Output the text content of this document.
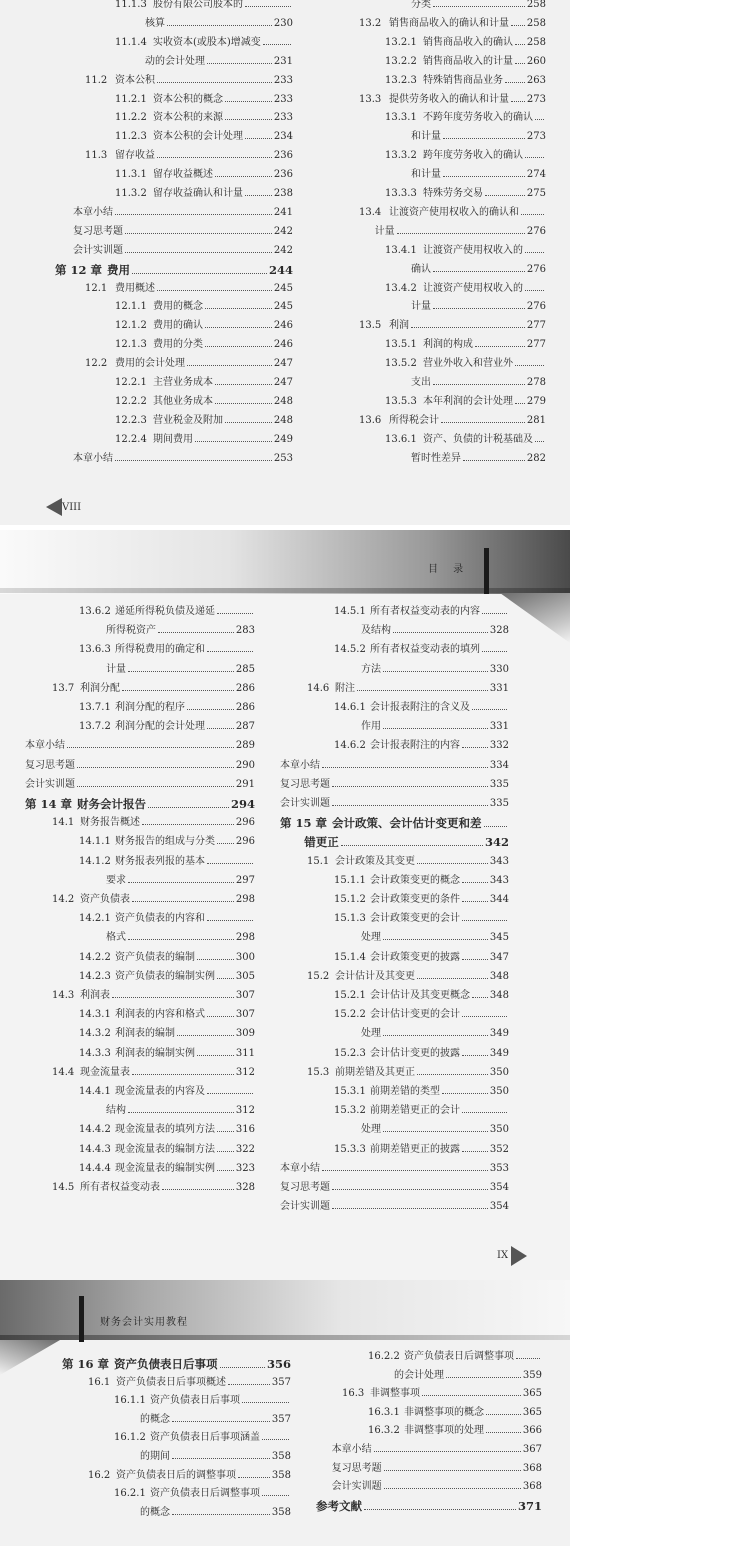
11.1.3 股份有限公司股本的
核算	230
11.1.4 实收资本(或股本)增减变
动的会计处理	231
11.2 资本公积	233
11.2.1 资本公积的概念	233
11.2.2 资本公积的来源	233
11.2.3 资本公积的会计处理	234
11.3 留存收益	236
11.3.1 留存收益概述	236
11.3.2 留存收益确认和计量	238
本章小结	241
复习思考题	242
会计实训题	242
第 12 章 费用	244
12.1 费用概述	245
12.1.1 费用的概念	245
12.1.2 费用的确认	246
12.1.3 费用的分类	246
12.2 费用的会计处理	247
12.2.1 主营业务成本	247
12.2.2 其他业务成本	248
12.2.3 营业税金及附加	248
12.2.4 期间费用	249
本章小结	253
分类	258
13.2 销售商品收入的确认和计量 258
13.2.1 销售商品收入的确认 258
13.2.2 销售商品收入的计量 260
13.2.3 特殊销售商品业务 263
13.3 提供劳务收入的确认和计量 273
13.3.1 不跨年度劳务收入的确认
和计量	273
13.3.2 跨年度劳务收入的确认
和计量	274
13.3.3 特殊劳务交易	275
13.4 让渡资产使用权收入的确认和
计量	276
13.4.1 让渡资产使用权收入的
确认	276
13.4.2 让渡资产使用权收入的
计量	276
13.5 利润	277
13.5.1 利润的构成	277
13.5.2 营业外收入和营业外
支出	278
13.5.3 本年利润的会计处理 279
13.6 所得税会计	281
13.6.1 资产、负债的计税基础及
暂时性差异	282
VIII
目 录
13.6.2 递延所得税负债及递延
所得税资产	283
13.6.3 所得税费用的确定和
计量	285
13.7 利润分配	286
13.7.1 利润分配的程序	286
13.7.2 利润分配的会计处理	287
本章小结	289
复习思考题	290
会计实训题	291
第 14 章 财务会计报告	294
14.1 财务报告概述	296
14.1.1 财务报告的组成与分类 296
14.1.2 财务报表列报的基本
要求	297
14.2 资产负债表	298
14.2.1 资产负债表的内容和
格式	298
14.2.2 资产负债表的编制	300
14.2.3 资产负债表的编制实例 305
14.3 利润表	307
14.3.1 利润表的内容和格式	307
14.3.2 利润表的编制	309
14.3.3 利润表的编制实例	311
14.4 现金流量表	312
14.4.1 现金流量表的内容及
结构	312
14.4.2 现金流量表的填列方法 316
14.4.3 现金流量表的编制方法 322
14.4.4 现金流量表的编制实例 323
14.5 所有者权益变动表	328
14.5.1 所有者权益变动表的内容
及结构	328
14.5.2 所有者权益变动表的填列
方法	330
14.6 附注	331
14.6.1 会计报表附注的含义及
作用	331
14.6.2 会计报表附注的内容	332
本章小结	334
复习思考题	335
会计实训题	335
第 15 章 会计政策、会计估计变更和差
错更正	342
15.1 会计政策及其变更	343
15.1.1 会计政策变更的概念	343
15.1.2 会计政策变更的条件	344
15.1.3 会计政策变更的会计
处理	345
15.1.4 会计政策变更的披露	347
15.2 会计估计及其变更	348
15.2.1 会计估计及其变更概念 348
15.2.2 会计估计变更的会计
处理	349
15.2.3 会计估计变更的披露	349
15.3 前期差错及其更正	350
15.3.1 前期差错的类型	350
15.3.2 前期差错更正的会计
处理	350
15.3.3 前期差错更正的披露	352
本章小结	353
复习思考题	354
会计实训题	354
IX
财务会计实用教程
第 16 章 资产负债表日后事项	356
16.1 资产负债表日后事项概述	357
16.1.1 资产负债表日后事项
的概念	357
16.1.2 资产负债表日后事项涵盖
的期间	358
16.2 资产负债表日后的调整事项	358
16.2.1 资产负债表日后调整事项
的概念	358
16.2.2 资产负债表日后调整事项
的会计处理	359
16.3 非调整事项	365
16.3.1 非调整事项的概念	365
16.3.2 非调整事项的处理	366
本章小结	367
复习思考题	368
会计实训题	368
参考文献	371
